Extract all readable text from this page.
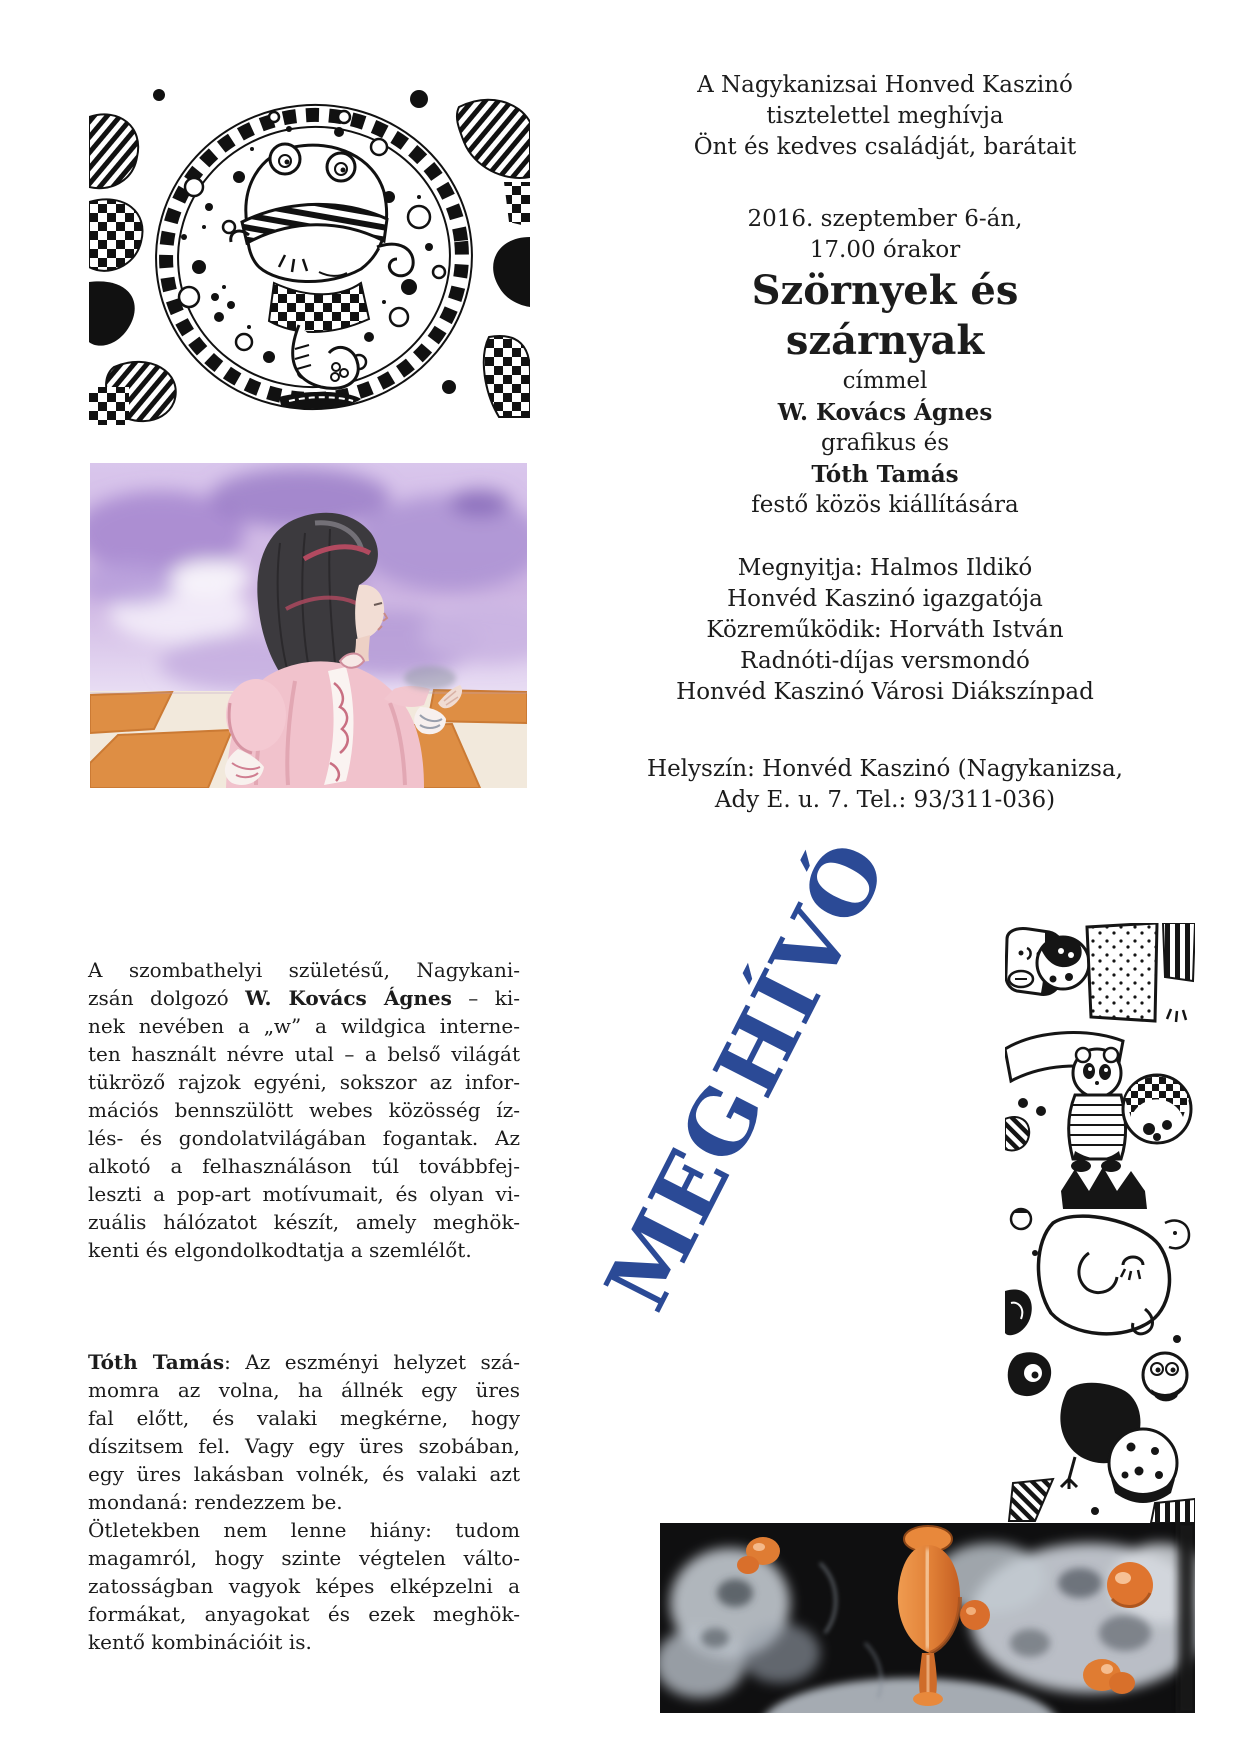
A Nagykanizsai Honved Kaszinó
tisztelettel meghívja
Önt és kedves családját, barátait
2016. szeptember 6-án,
17.00 órakor
Szörnyek és
szárnyak
címmel
W. Kovács Ágnes
grafikus és
Tóth Tamás
festő közös kiállítására
Megnyitja: Halmos Ildikó
Honvéd Kaszinó igazgatója
Közreműködik: Horváth István
Radnóti-díjas versmondó
Honvéd Kaszinó Városi Diákszínpad
Helyszín: Honvéd Kaszinó (Nagykanizsa,
Ady E. u. 7. Tel.: 93/311-036)
A szombathelyi születésű, Nagykani-
zsán dolgozó W. Kovács Ágnes – ki-
nek nevében a „w” a wildgica interne-
ten használt névre utal – a belső világát
tükröző rajzok egyéni, sokszor az infor-
mációs bennszülött webes közösség íz-
lés- és gondolatvilágában fogantak. Az
alkotó a felhasználáson túl továbbfej-
leszti a pop-art motívumait, és olyan vi-
zuális hálózatot készít, amely meghök-
kenti és elgondolkodtatja a szemlélőt.
Tóth Tamás: Az eszményi helyzet szá-
momra az volna, ha állnék egy üres
fal előtt, és valaki megkérne, hogy
díszitsem fel. Vagy egy üres szobában,
egy üres lakásban volnék, és valaki azt
mondaná: rendezzem be.
Ötletekben nem lenne hiány: tudom
magamról, hogy szinte végtelen válto-
zatosságban vagyok képes elképzelni a
formákat, anyagokat és ezek meghök-
kentő kombinációit is.
MEGHÍVÓ
